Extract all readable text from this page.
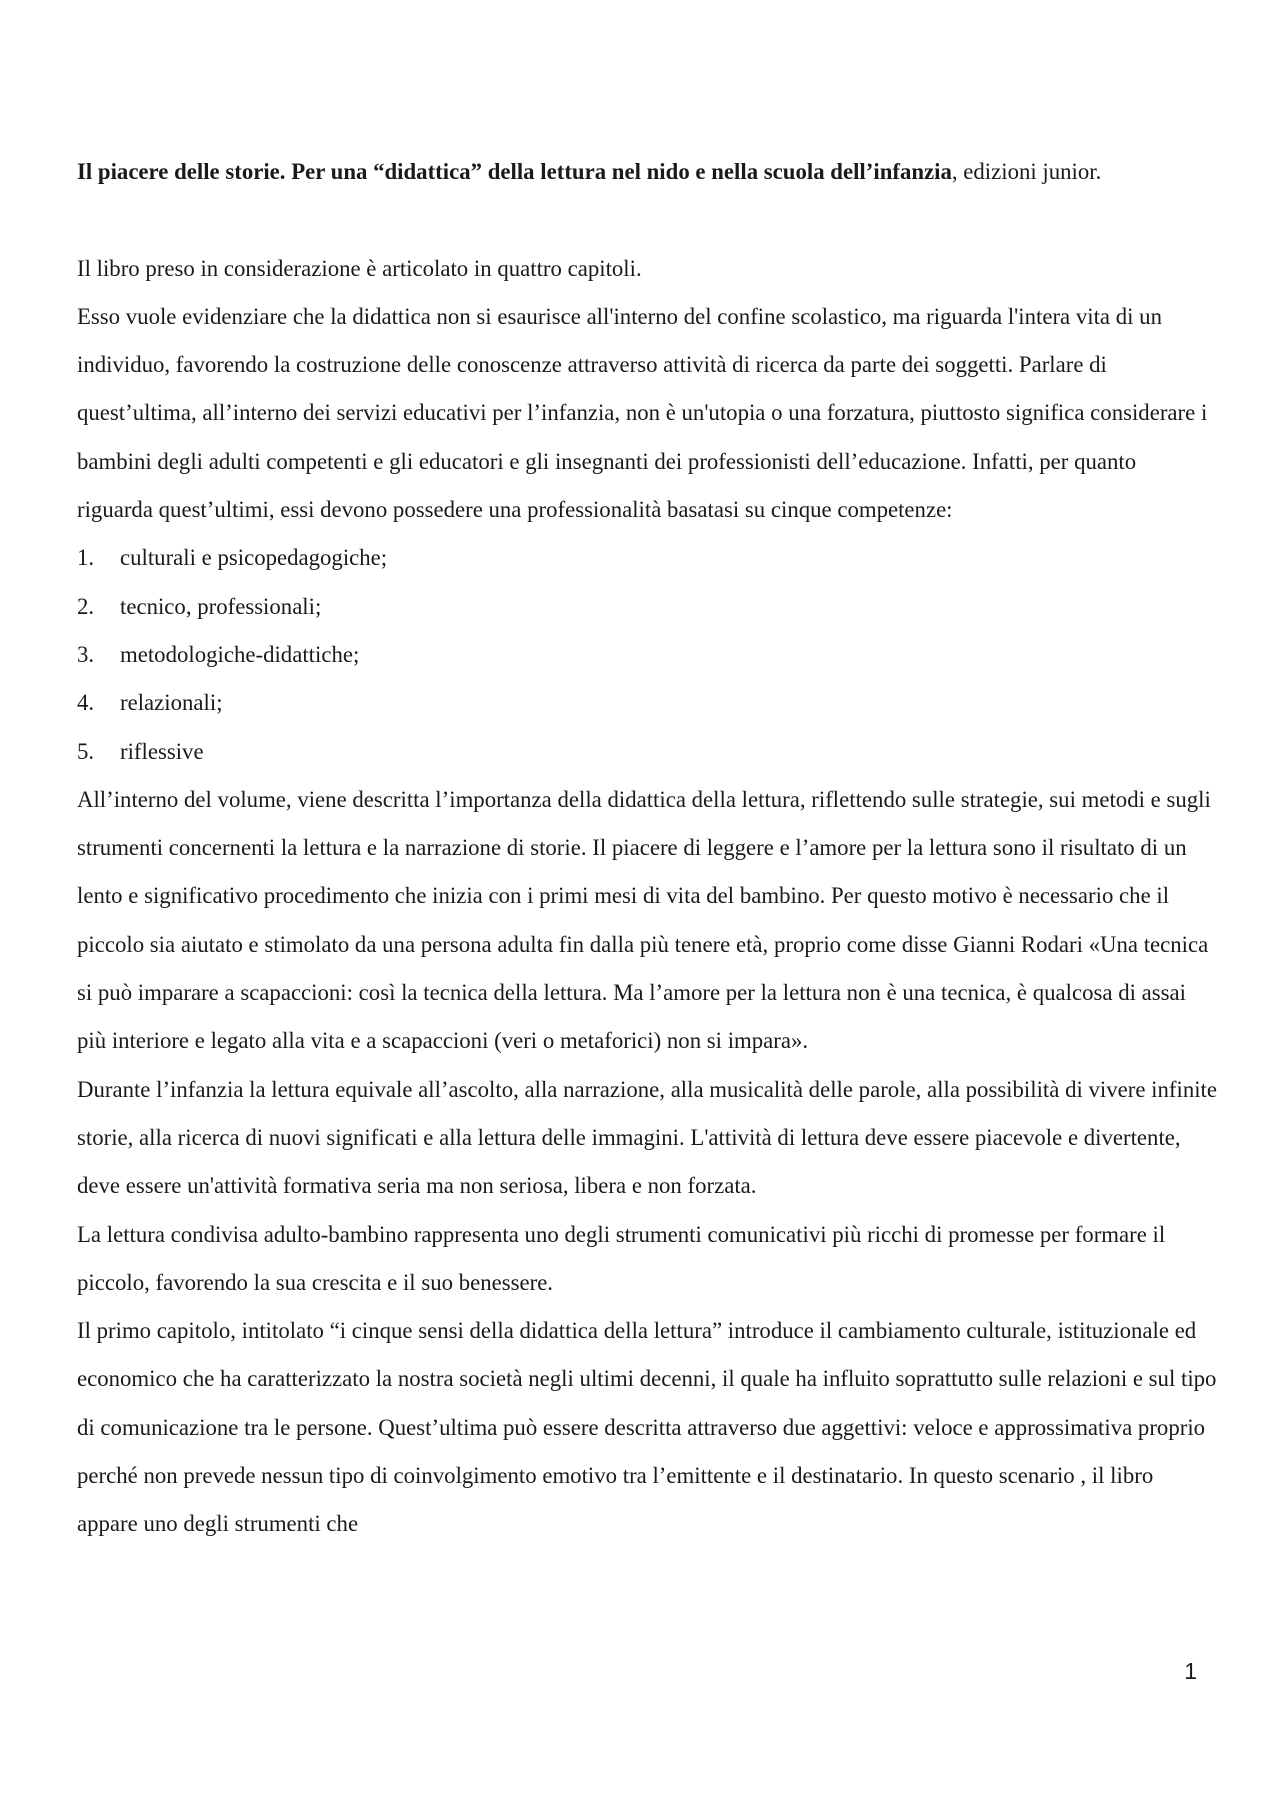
Il piacere delle storie. Per una “didattica” della lettura nel nido e nella scuola dell’infanzia, edizioni junior.

Il libro preso in considerazione è articolato in quattro capitoli.

Esso vuole evidenziare che la didattica non si esaurisce all'interno del confine scolastico, ma riguarda l'intera vita di un individuo, favorendo la costruzione delle conoscenze attraverso attività di ricerca da parte dei soggetti. Parlare di quest’ultima, all’interno dei servizi educativi per l’infanzia, non è un'utopia o una forzatura, piuttosto significa considerare i bambini degli adulti competenti e gli educatori e gli insegnanti dei professionisti dell’educazione. Infatti, per quanto riguarda quest’ultimi, essi devono possedere una professionalità basatasi su cinque competenze:

1. culturali e psicopedagogiche;
2. tecnico, professionali;
3. metodologiche-didattiche;
4. relazionali;
5. riflessive

All’interno del volume, viene descritta l’importanza della didattica della lettura, riflettendo sulle strategie, sui metodi e sugli strumenti concernenti la lettura e la narrazione di storie. Il piacere di leggere e l’amore per la lettura sono il risultato di un lento e significativo procedimento che inizia con i primi mesi di vita del bambino. Per questo motivo è necessario che il piccolo sia aiutato e stimolato da una persona adulta fin dalla più tenere età, proprio come disse Gianni Rodari «Una tecnica si può imparare a scapaccioni: così la tecnica della lettura. Ma l’amore per la lettura non è una tecnica, è qualcosa di assai più interiore e legato alla vita e a scapaccioni (veri o metaforici) non si impara».

Durante l’infanzia la lettura equivale all’ascolto, alla narrazione, alla musicalità delle parole, alla possibilità di vivere infinite storie, alla ricerca di nuovi significati e alla lettura delle immagini. L'attività di lettura deve essere piacevole e divertente, deve essere un'attività formativa seria ma non seriosa, libera e non forzata.

La lettura condivisa adulto-bambino rappresenta uno degli strumenti comunicativi più ricchi di promesse per formare il piccolo, favorendo la sua crescita e il suo benessere.

Il primo capitolo, intitolato “i cinque sensi della didattica della lettura” introduce il cambiamento culturale, istituzionale ed economico che ha caratterizzato la nostra società negli ultimi decenni, il quale ha influito soprattutto sulle relazioni e sul tipo di comunicazione tra le persone. Quest’ultima può essere descritta attraverso due aggettivi: veloce e approssimativa proprio perché non prevede nessun tipo di coinvolgimento emotivo tra l’emittente e il destinatario. In questo scenario , il libro appare uno degli strumenti che

1
